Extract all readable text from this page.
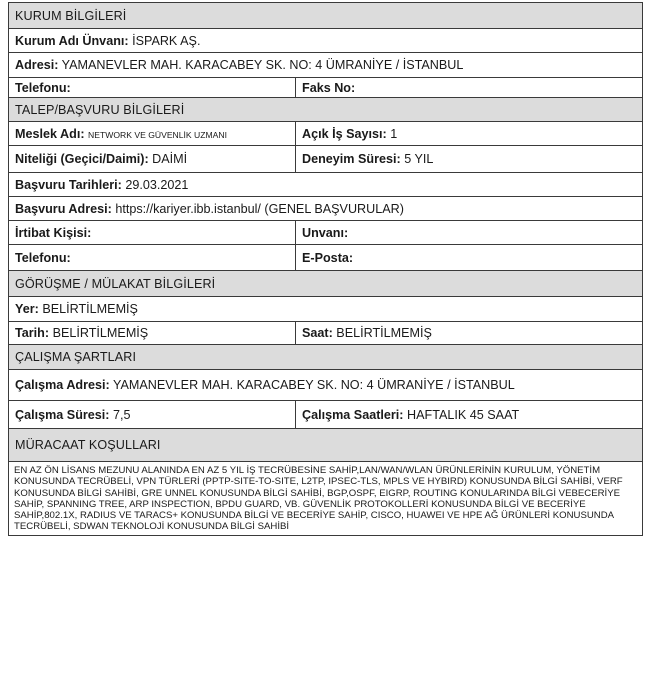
KURUM BİLGİLERİ	
Kurum Adı Ünvanı: İSPARK AŞ.	
Adresi: YAMANEVLER MAH. KARACABEY SK. NO: 4 ÜMRANİYE / İSTANBUL	
Telefonu:	Faks No:
TALEP/BAŞVURU BİLGİLERİ	
Meslek Adı: NETWORK VE GÜVENLİK UZMANI	Açık İş Sayısı: 1
Niteliği (Geçici/Daimi): DAİMİ	Deneyim Süresi: 5 YIL
Başvuru Tarihleri: 29.03.2021	
Başvuru Adresi: https://kariyer.ibb.istanbul/ (GENEL BAŞVURULAR)	
İrtibat Kişisi:	Unvanı:
Telefonu:	E-Posta:
GÖRÜŞME / MÜLAKAT BİLGİLERİ	
Yer: BELİRTİLMEMİŞ	
Tarih: BELİRTİLMEMİŞ	Saat: BELİRTİLMEMİŞ
ÇALIŞMA ŞARTLARI	
Çalışma Adresi: YAMANEVLER MAH. KARACABEY SK. NO: 4 ÜMRANİYE / İSTANBUL	
Çalışma Süresi: 7,5	Çalışma Saatleri: HAFTALIK 45 SAAT
MÜRACAAT KOŞULLARI	
EN AZ ÖN LİSANS MEZUNU ALANINDA EN AZ 5 YIL İŞ TECRÜBESİNE SAHİP,LAN/WAN/WLAN ÜRÜNLERİNİN KURULUM, YÖNETİM KONUSUNDA TECRÜBELİ, VPN TÜRLERİ (PPTP-SITE-TO-SITE, L2TP, IPSEC-TLS, MPLS VE HYBIRD) KONUSUNDA BİLGİ SAHİBİ, VERF KONUSUNDA BİLGİ SAHİBİ, GRE UNNEL KONUSUNDA BİLGİ SAHİBİ, BGP,OSPF, EIGRP, ROUTING KONULARINDA BİLGİ VEBECERİYE SAHİP, SPANNING TREE, ARP INSPECTION, BPDU GUARD, VB. GÜVENLİK PROTOKOLLERİ KONUSUNDA BİLGİ VE BECERİYE SAHİP,802.1X, RADIUS VE TARACS+ KONUSUNDA BİLGİ VE BECERİYE SAHİP, CISCO, HUAWEI VE HPE AĞ ÜRÜNLERİ KONUSUNDA TECRÜBELİ, SDWAN TEKNOLOJİ KONUSUNDA BİLGİ SAHİBİ	
